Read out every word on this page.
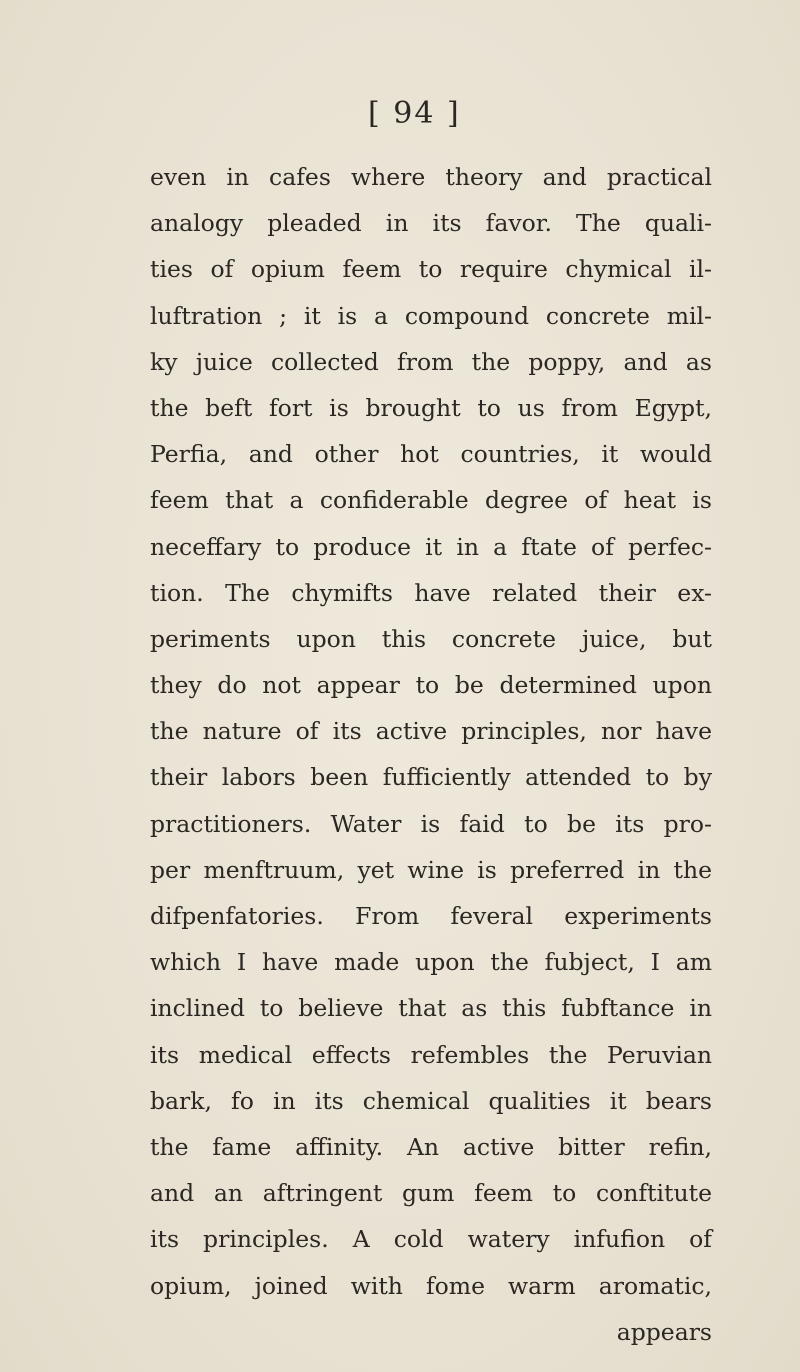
[ 94 ]
even in cafes where theory and practical
analogy pleaded in its favor. The quali-
ties of opium feem to require chymical il-
luftration ; it is a compound concrete mil-
ky juice collected from the poppy, and as
the beft fort is brought to us from Egypt,
Perfia, and other hot countries, it would
feem that a confiderable degree of heat is
neceffary to produce it in a ftate of perfec-
tion. The chymifts have related their ex-
periments upon this concrete juice, but
they do not appear to be determined upon
the nature of its active principles, nor have
their labors been fufficiently attended to by
practitioners. Water is faid to be its pro-
per menftruum, yet wine is preferred in the
difpenfatories. From feveral experiments
which I have made upon the fubject, I am
inclined to believe that as this fubftance in
its medical effects refembles the Peruvian
bark, fo in its chemical qualities it bears
the fame affinity. An active bitter refin,
and an aftringent gum feem to conftitute
its principles. A cold watery infufion of
opium, joined with fome warm aromatic,
appears
